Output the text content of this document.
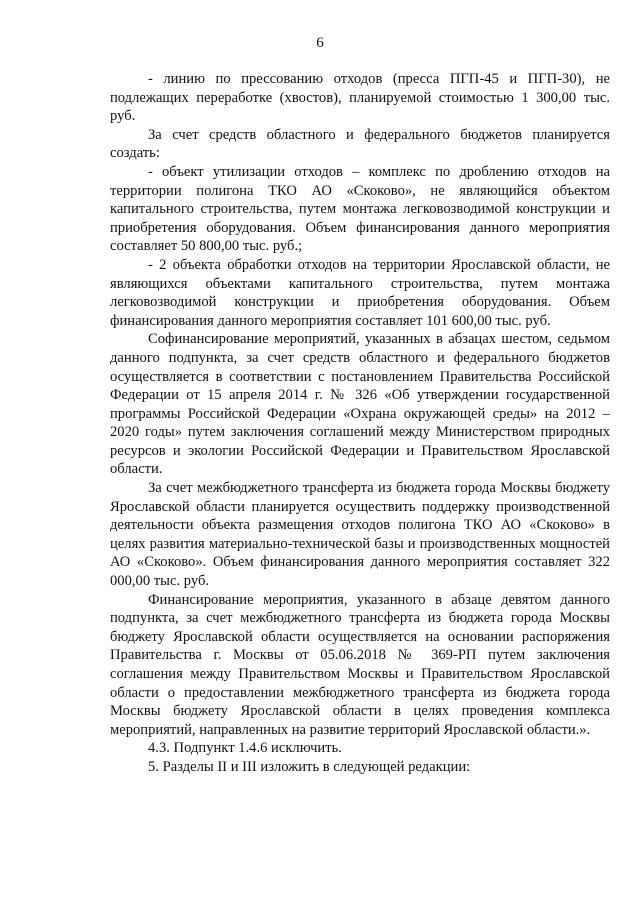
6

- линию по прессованию отходов (пресса ПГП-45 и ПГП-30), не подлежащих переработке (хвостов), планируемой стоимостью 1 300,00 тыс. руб.

За счет средств областного и федерального бюджетов планируется создать:

- объект утилизации отходов – комплекс по дроблению отходов на территории полигона ТКО АО «Скоково», не являющийся объектом капитального строительства, путем монтажа легковозводимой конструкции и приобретения оборудования. Объем финансирования данного мероприятия составляет 50 800,00 тыс. руб.;

- 2 объекта обработки отходов на территории Ярославской области, не являющихся объектами капитального строительства, путем монтажа легковозводимой конструкции и приобретения оборудования. Объем финансирования данного мероприятия составляет 101 600,00 тыс. руб.

Софинансирование мероприятий, указанных в абзацах шестом, седьмом данного подпункта, за счет средств областного и федерального бюджетов осуществляется в соответствии с постановлением Правительства Российской Федерации от 15 апреля 2014 г. № 326 «Об утверждении государственной программы Российской Федерации «Охрана окружающей среды» на 2012 – 2020 годы» путем заключения соглашений между Министерством природных ресурсов и экологии Российской Федерации и Правительством Ярославской области.

За счет межбюджетного трансферта из бюджета города Москвы бюджету Ярославской области планируется осуществить поддержку производственной деятельности объекта размещения отходов полигона ТКО АО «Скоково» в целях развития материально-технической базы и производственных мощностей АО «Скоково». Объем финансирования данного мероприятия составляет 322 000,00 тыс. руб.

Финансирование мероприятия, указанного в абзаце девятом данного подпункта, за счет межбюджетного трансферта из бюджета города Москвы бюджету Ярославской области осуществляется на основании распоряжения Правительства г. Москвы от 05.06.2018 № 369-РП путем заключения соглашения между Правительством Москвы и Правительством Ярославской области о предоставлении межбюджетного трансферта из бюджета города Москвы бюджету Ярославской области в целях проведения комплекса мероприятий, направленных на развитие территорий Ярославской области.».

4.3. Подпункт 1.4.6 исключить.

5. Разделы II и III изложить в следующей редакции:
